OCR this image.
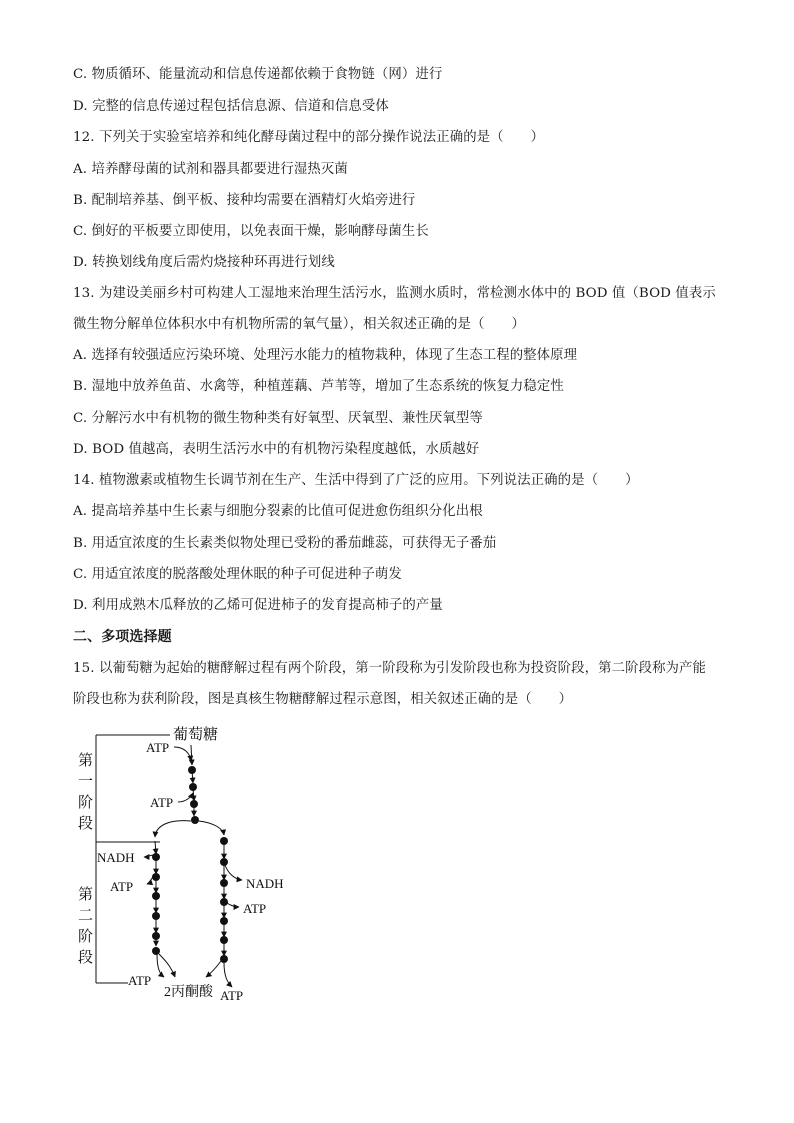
C. 物质循环、能量流动和信息传递都依赖于食物链（网）进行
D. 完整的信息传递过程包括信息源、信道和信息受体
12. 下列关于实验室培养和纯化酵母菌过程中的部分操作说法正确的是（　　）
A. 培养酵母菌的试剂和器具都要进行湿热灭菌
B. 配制培养基、倒平板、接种均需要在酒精灯火焰旁进行
C. 倒好的平板要立即使用，以免表面干燥，影响酵母菌生长
D. 转换划线角度后需灼烧接种环再进行划线
13. 为建设美丽乡村可构建人工湿地来治理生活污水，监测水质时，常检测水体中的 BOD 值（BOD 值表示
微生物分解单位体积水中有机物所需的氧气量），相关叙述正确的是（　　）
A. 选择有较强适应污染环境、处理污水能力的植物栽种，体现了生态工程的整体原理
B. 湿地中放养鱼苗、水禽等，种植莲藕、芦苇等，增加了生态系统的恢复力稳定性
C. 分解污水中有机物的微生物种类有好氧型、厌氧型、兼性厌氧型等
D. BOD 值越高，表明生活污水中的有机物污染程度越低，水质越好
14. 植物激素或植物生长调节剂在生产、生活中得到了广泛的应用。下列说法正确的是（　　）
A. 提高培养基中生长素与细胞分裂素的比值可促进愈伤组织分化出根
B. 用适宜浓度的生长素类似物处理已受粉的番茄雌蕊，可获得无子番茄
C. 用适宜浓度的脱落酸处理休眠的种子可促进种子萌发
D. 利用成熟木瓜释放的乙烯可促进柿子的发育提高柿子的产量
二、多项选择题
15. 以葡萄糖为起始的糖酵解过程有两个阶段，第一阶段称为引发阶段也称为投资阶段，第二阶段称为产能
阶段也称为获利阶段，图是真核生物糖酵解过程示意图，相关叙述正确的是（　　）
第
一
阶
段
第
二
阶
段
葡萄糖
ATP
ATP
NADH
ATP
ATP
NADH
ATP
ATP
2丙酮酸
